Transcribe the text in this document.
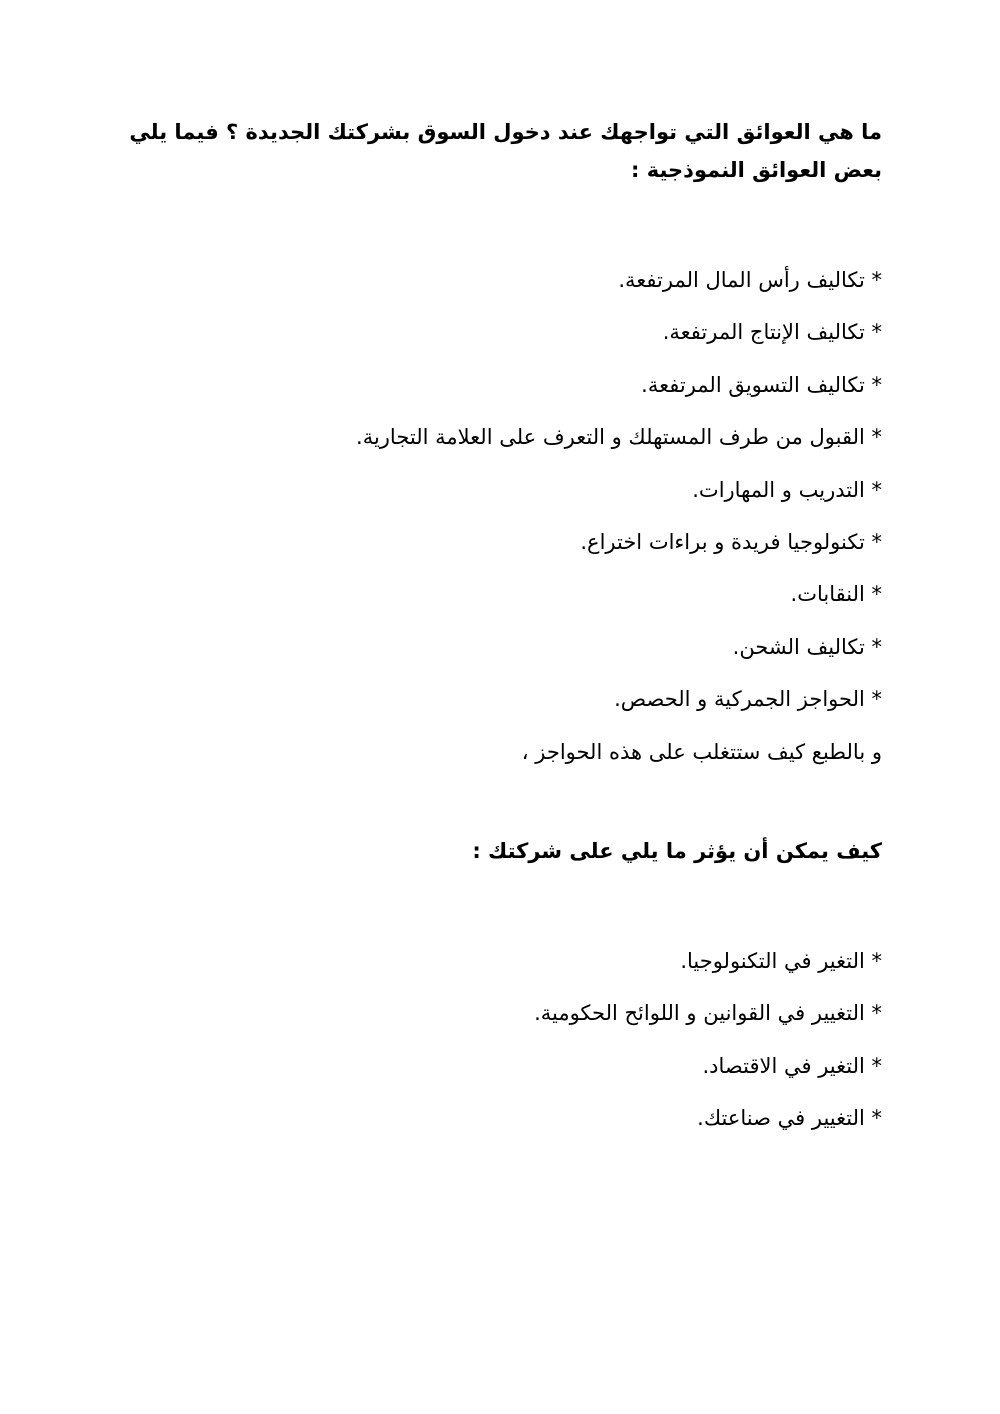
ما هي العوائق التي تواجهك عند دخول السوق بشركتك الجديدة ؟ فيما يلي بعض العوائق النموذجية :
* تكاليف رأس المال المرتفعة.
* تكاليف الإنتاج المرتفعة.
* تكاليف التسويق المرتفعة.
* القبول من طرف المستهلك و التعرف على العلامة التجارية.
* التدريب و المهارات.
* تكنولوجيا فريدة و براءات اختراع.
* النقابات.
* تكاليف الشحن.
* الحواجز الجمركية و الحصص.
و بالطبع كيف ستتغلب على هذه الحواجز ،
كيف يمكن أن يؤثر ما يلي على شركتك :
* التغير في التكنولوجيا.
* التغيير في القوانين و اللوائح الحكومية.
* التغير في الاقتصاد.
* التغيير في صناعتك.
